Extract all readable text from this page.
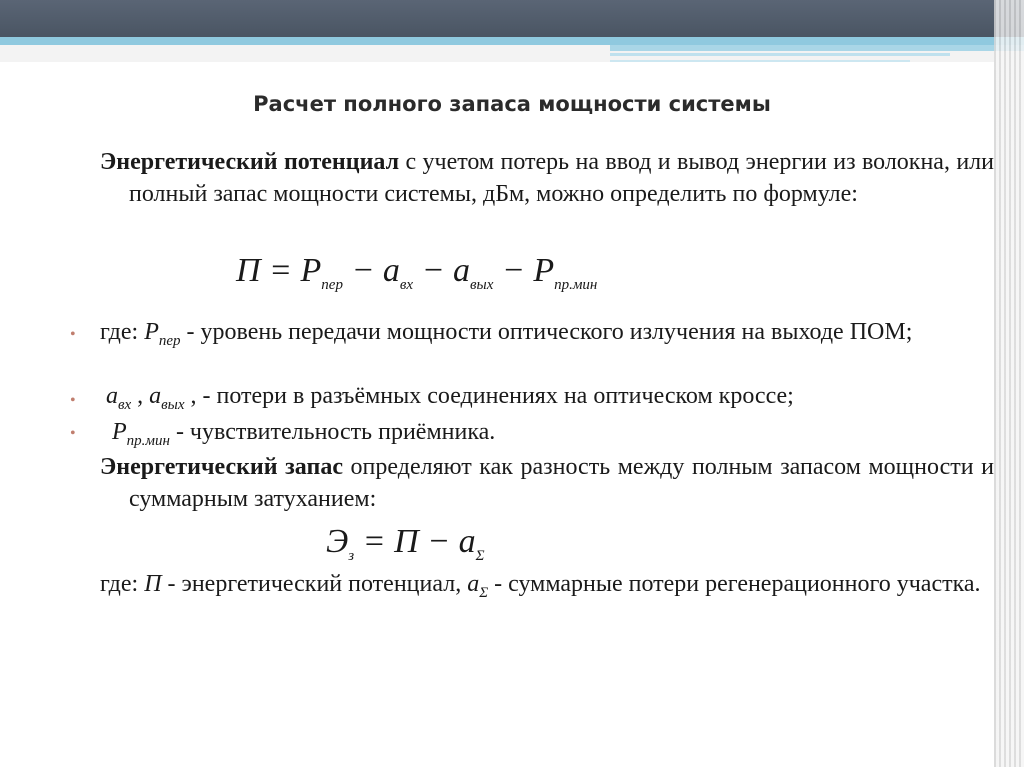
Расчет полного запаса мощности системы
Энергетический потенциал с учетом потерь на ввод и вывод энергии из волокна, или полный запас мощности системы, дБм, можно определить по формуле:
$П = P_{пер} - a_{вх} - a_{вых} - P_{пр.мин}$
• где: $P_{пер}$ - уровень передачи мощности оптического излучения на выходе ПОМ;
• $a_{вх}$ , $a_{вых}$ , - потери в разъёмных соединениях на оптическом кроссе;
• $P_{пр.мин}$ - чувствительность приёмника.
Энергетический запас определяют как разность между полным запасом мощности и суммарным затуханием:
$Э_з = П - a_\Sigma$
где: П - энергетический потенциал, $a_\Sigma$ - суммарные потери регенерационного участка.
